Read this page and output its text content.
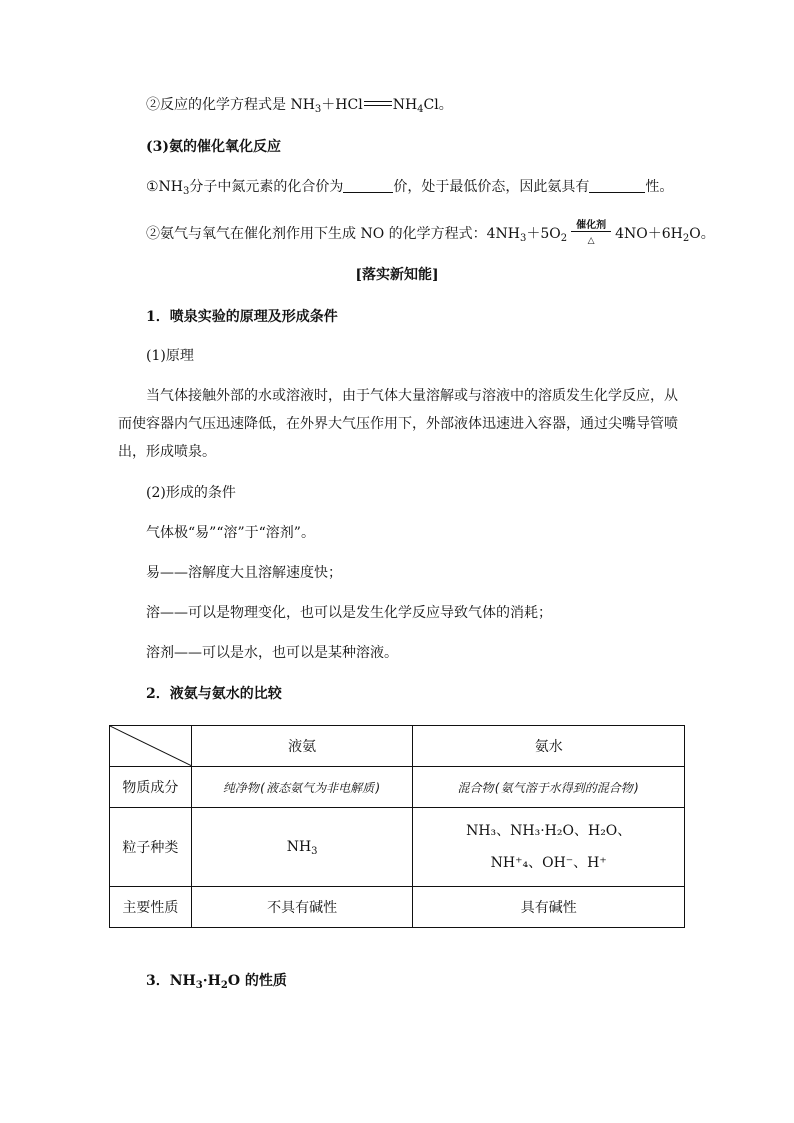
②反应的化学方程式是 $NH_3+HCl$ $NH_4Cl$。
(3)氨的催化氧化反应
$①NH_3$分子中氮元素的化合价为	价，处于最低价态，因此氨具有	性。
②氨气与氧气在催化剂作用下生成 NO 的化学方程式：$4NH_3+5O_2$
催化剂
△	$4NO+6H_2O$。
[落实新知能]
1．喷泉实验的原理及形成条件
(1)原理
当气体接触外部的水或溶液时，由于气体大量溶解或与溶液中的溶质发生化学反应，从
而使容器内气压迅速降低，在外界大气压作用下，外部液体迅速进入容器，通过尖嘴导管喷
出，形成喷泉。
(2)形成的条件
气体极“易”“溶”于“溶剂”。
易——溶解度大且溶解速度快；
溶——可以是物理变化，也可以是发生化学反应导致气体的消耗；
溶剂——可以是水，也可以是某种溶液。
2．液氨与氨水的比较
	液氨	氨水
物质成分	纯净物(液态氨气为非电解质)	混合物(氨气溶于水得到的混合物)
粒子种类	$NH_3$	NH₃、NH₃·H₂O、H₂O、
NH⁺₄、OH⁻、H⁺

主要性质	不具有碱性	具有碱性
3．$NH_3\cdot H_2O$ 的性质
